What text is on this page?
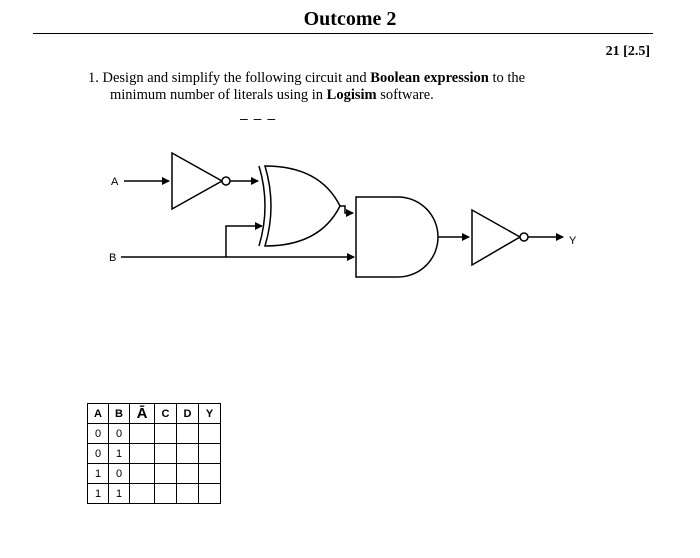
Outcome 2
21 [2.5]
1. Design and simplify the following circuit and Boolean expression to the
minimum number of literals using in Logisim software.
– – –
A
B
Y
A	B	Ā	C	D	Y
0	0				
0	1				
1	0				
1	1				
